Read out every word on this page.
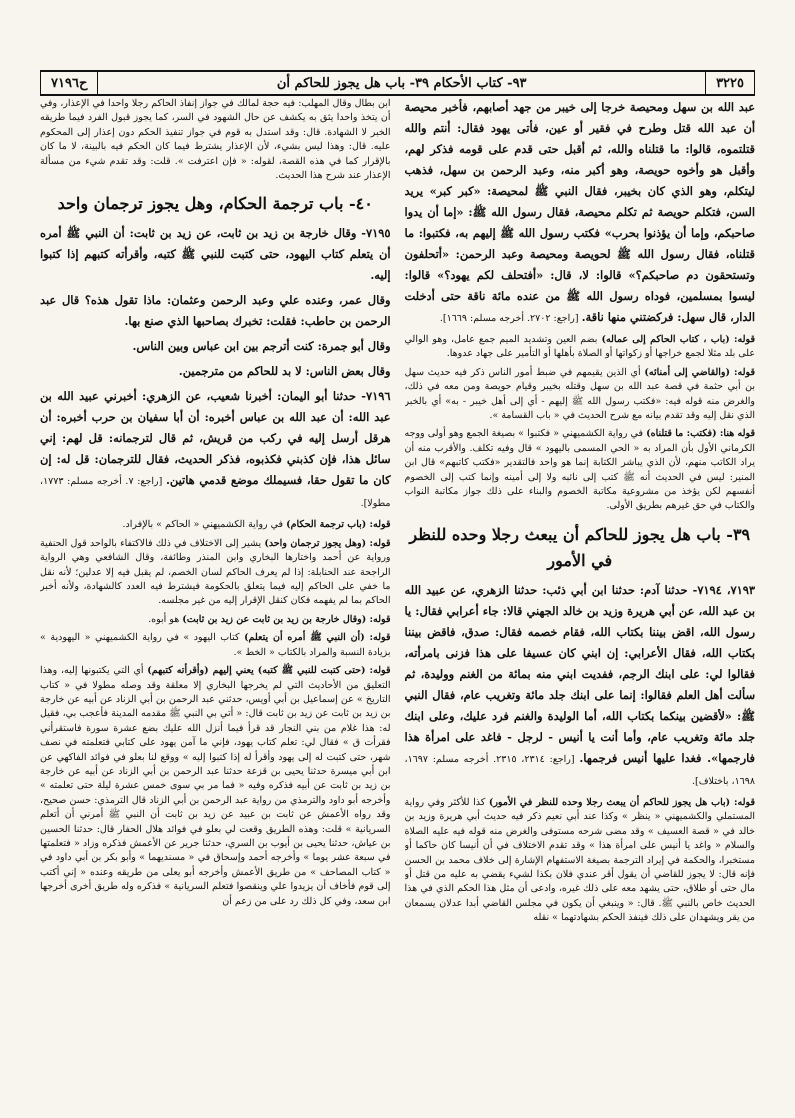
٣٢٢٥
٩٣- كتاب الأحكام ٣٩- باب هل يجوز للحاكم أن
ح٧١٩٦

عبد الله بن سهل ومحيصة خرجا إلى خيبر من جهد أصابهم، فأخبر محيصة أن عبد الله قتل وطرح في فقير أو عين، فأتى يهود فقال: أنتم والله قتلتموه، قالوا: ما قتلناه والله، ثم أقبل حتى قدم على قومه فذكر لهم، وأقبل هو وأخوه حويصة، وهو أكبر منه، وعبد الرحمن بن سهل، فذهب ليتكلم، وهو الذي كان بخيبر، فقال النبي ﷺ لمحيصة: «كبر كبر» يريد السن، فتكلم حويصة ثم تكلم محيصة، فقال رسول الله ﷺ: «إما أن يدوا صاحبكم، وإما أن يؤذنوا بحرب» فكتب رسول الله ﷺ إليهم به، فكتبوا: ما قتلناه، فقال رسول الله ﷺ لحويصة ومحيصة وعبد الرحمن: «أتحلفون وتستحقون دم صاحبكم؟» قالوا: لا، قال: «أفتحلف لكم يهود؟» قالوا: ليسوا بمسلمين، فوداه رسول الله ﷺ من عنده مائة ناقة حتى أدخلت الدار، قال سهل: فركضتني منها ناقة. [راجع: ٢٧٠٢. أخرجه مسلم: ١٦٦٩].

قوله: (باب ، كتاب الحاكم إلى عماله) بضم العين وتشديد الميم جمع عامل، وهو الوالي على بلد مثلا لجمع خراجها أو زكواتها أو الصلاة بأهلها أو التأمير على جهاد عدوها.

قوله: (والقاضي إلى أمنائه) أي الذين يقيمهم في ضبط أمور الناس ذكر فيه حديث سهل بن أبي حثمة في قصة عبد الله بن سهل وقتله بخيبر وقيام حويصة ومن معه في ذلك، والغرض منه قوله فيه: «فكتب رسول الله ﷺ إليهم - أي إلى أهل خيبر - به» أي بالخبر الذي نقل إليه وقد تقدم بيانه مع شرح الحديث في « باب القسامة ».

قوله هنا: (فكتب: ما قتلناه) في رواية الكشميهني « فكتبوا » بصيغة الجمع وهو أولى ووجه الكرماني الأول بأن المراد به « الحي المسمى باليهود » قال وفيه تكلف. والأقرب منه أن يراد الكاتب منهم، لأن الذي يباشر الكتابة إنما هو واحد فالتقدير «فكتب كاتبهم» قال ابن المنير: ليس في الحديث أنه ﷺ كتب إلى نائبه ولا إلى أمينه وإنما كتب إلى الخصوم أنفسهم لكن يؤخذ من مشروعية مكاتبة الخصوم والبناء على ذلك جواز مكاتبة النواب والكتاب في حق غيرهم بطريق الأولى.

٣٩- باب هل يجوز للحاكم أن يبعث رجلا وحده للنظر في الأمور

٧١٩٣، ٧١٩٤- حدثنا آدم: حدثنا ابن أبي ذئب: حدثنا الزهري، عن عبيد الله بن عبد الله، عن أبي هريرة وزيد بن خالد الجهني قالا: جاء أعرابي فقال: يا رسول الله، اقض بيننا بكتاب الله، فقام خصمه فقال: صدق، فاقض بيننا بكتاب الله، فقال الأعرابي: إن ابني كان عسيفا على هذا فزنى بامرأته، فقالوا لي: على ابنك الرجم، ففديت ابني منه بمائة من الغنم ووليدة، ثم سألت أهل العلم فقالوا: إنما على ابنك جلد مائة وتغريب عام، فقال النبي ﷺ: «لأقضين بينكما بكتاب الله، أما الوليدة والغنم فرد عليك، وعلى ابنك جلد مائة وتغريب عام، وأما أنت يا أنيس - لرجل - فاغد على امرأة هذا فارجمها». فغدا عليها أنيس فرجمها. [راجع: ٢٣١٤، ٢٣١٥. أخرجه مسلم: ١٦٩٧، ١٦٩٨، باختلاف].

قوله: (باب هل يجوز للحاكم أن يبعث رجلا وحده للنظر في الأمور) كذا للأكثر وفي رواية المستملي والكشميهني « ينظر » وكذا عند أبي نعيم ذكر فيه حديث أبي هريرة وزيد بن خالد في « قصة العسيف » وقد مضى شرحه مستوفى والغرض منه قوله فيه عليه الصلاة والسلام « واغد يا أنيس على امرأة هذا » وقد تقدم الاختلاف في أن أنيسا كان حاكما أو مستخبرا، والحكمة في إيراد الترجمة بصيغة الاستفهام الإشارة إلى خلاف محمد بن الحسن فإنه قال: لا يجوز للقاضي أن يقول أقر عندي فلان بكذا لشيء يقضي به عليه من قتل أو مال حتى أو طلاق، حتى يشهد معه على ذلك غيره، وادعى أن مثل هذا الحكم الذي في هذا الحديث خاص بالنبي ﷺ. قال: « وينبغي أن يكون في مجلس القاضي أبدا عدلان يسمعان من يقر ويشهدان على ذلك فينفذ الحكم بشهادتهما » نقله

ابن بطال وقال المهلب: فيه حجة لمالك في جواز إنفاذ الحاكم رجلا واحدا في الإعذار، وفي أن يتخذ واحدا يثق به يكشف عن حال الشهود في السر، كما يجوز قبول الفرد فيما طريقه الخبر لا الشهادة. قال: وقد استدل به قوم في جواز تنفيذ الحكم دون إعذار إلى المحكوم عليه. قال: وهذا ليس بشيء، لأن الإعذار يشترط فيما كان الحكم فيه بالبينة، لا ما كان بالإقرار كما في هذه القصة، لقوله: « فإن اعترفت ». قلت: وقد تقدم شيء من مسألة الإعذار عند شرح هذا الحديث.

٤٠- باب ترجمة الحكام، وهل يجوز ترجمان واحد

٧١٩٥- وقال خارجة بن زيد بن ثابت، عن زيد بن ثابت: أن النبي ﷺ أمره أن يتعلم كتاب اليهود، حتى كتبت للنبي ﷺ كتبه، وأقرأته كتبهم إذا كتبوا إليه.

وقال عمر، وعنده علي وعبد الرحمن وعثمان: ماذا تقول هذه؟ قال عبد الرحمن بن حاطب: فقلت: تخبرك بصاحبها الذي صنع بها.

وقال أبو جمرة: كنت أترجم بين ابن عباس وبين الناس.

وقال بعض الناس: لا بد للحاكم من مترجمين.

٧١٩٦- حدثنا أبو اليمان: أخبرنا شعيب، عن الزهري: أخبرني عبيد الله بن عبد الله: أن عبد الله بن عباس أخبره: أن أبا سفيان بن حرب أخبره: أن هرقل أرسل إليه في ركب من قريش، ثم قال لترجمانه: قل لهم: إني سائل هذا، فإن كذبني فكذبوه، فذكر الحديث، فقال للترجمان: قل له: إن كان ما تقول حقا، فسيملك موضع قدمي هاتين. [راجع: ٧. أخرجه مسلم: ١٧٧٣، مطولا].

قوله: (باب ترجمة الحكام) في رواية الكشميهني « الحاكم » بالإفراد.

قوله: (وهل يجوز ترجمان واحد) يشير إلى الاختلاف في ذلك فالاكتفاء بالواحد قول الحنفية ورواية عن أحمد واختارها البخاري وابن المنذر وطائفة، وقال الشافعي وهي الرواية الراجحة عند الحنابلة: إذا لم يعرف الحاكم لسان الخصم، لم يقبل فيه إلا عدلين؛ لأنه نقل ما خفي على الحاكم إليه فيما يتعلق بالحكومة فيشترط فيه العدد كالشهادة، ولأنه أخبر الحاكم بما لم يفهمه فكان كنقل الإقرار إليه من غير مجلسه.

قوله: (وقال خارجة بن زيد بن ثابت عن زيد بن ثابت) هو أبوه.

قوله: (أن النبي ﷺ أمره أن يتعلم) كتاب اليهود » في رواية الكشميهني « اليهودية » بزيادة النسبة والمراد بالكتاب « الخط ».

قوله: (حتى كتبت للنبي ﷺ كتبه) يعني إليهم (وأقرأته كتبهم) أي التي يكتبونها إليه، وهذا التعليق من الأحاديث التي لم يخرجها البخاري إلا معلقة وقد وصله مطولا في « كتاب التاريخ » عن إسماعيل بن أبي أويس، حدثني عبد الرحمن بن أبي الزناد عن أبيه عن خارجة بن زيد بن ثابت عن زيد بن ثابت قال: « أتي بي النبي ﷺ مقدمه المدينة فأعجب بي، فقيل له: هذا غلام من بني النجار قد قرأ فيما أنزل الله عليك بضع عشرة سورة فاستقرأني فقرأت ق » فقال لي: تعلم كتاب يهود، فإني ما آمن يهود على كتابي فتعلمته في نصف شهر، حتى كتبت له إلى يهود وأقرأ له إذا كتبوا إليه » ووقع لنا بعلو في فوائد الفاكهي عن ابن أبي ميسرة حدثنا يحيى بن قزعة حدثنا عبد الرحمن بن أبي الزناد عن أبيه عن خارجة بن زيد بن ثابت عن أبيه فذكره وفيه « فما مر بي سوى خمس عشرة ليلة حتى تعلمته » وأخرجه أبو داود والترمذي من رواية عبد الرحمن بن أبي الزناد قال الترمذي: حسن صحيح، وقد رواه الأعمش عن ثابت بن عبيد عن زيد بن ثابت أن النبي ﷺ أمرني أن أتعلم السريانية » قلت: وهذه الطريق وقعت لي بعلو في فوائد هلال الحفار قال: حدثنا الحسين بن عياش، حدثنا يحيى بن أيوب بن السري، حدثنا جرير عن الأعمش فذكره وزاد « فتعلمتها في سبعة عشر يوما » وأخرجه أحمد وإسحاق في « مسنديهما » وأبو بكر بن أبي داود في « كتاب المصاحف » من طريق الأعمش وأخرجه أبو يعلى من طريقه وعنده « إني أكتب إلى قوم فأخاف أن يزيدوا علي وينقصوا فتعلم السريانية » فذكره وله طريق أخرى أخرجها ابن سعد، وفي كل ذلك رد على من زعم أن
